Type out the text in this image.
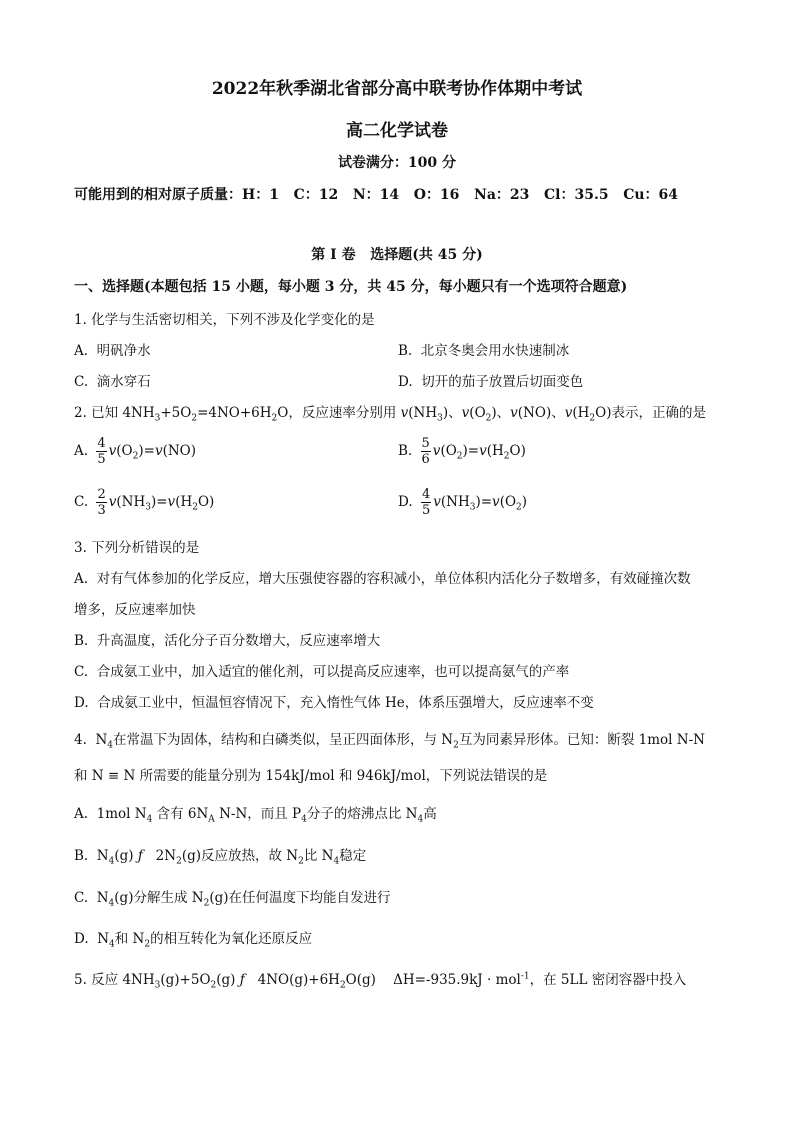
2022年秋季湖北省部分高中联考协作体期中考试
高二化学试卷
试卷满分：100 分
可能用到的相对原子质量：H：1   C：12   N：14   O：16   Na：23   Cl：35.5   Cu：64
第 I 卷   选择题(共 45 分)
一、选择题(本题包括 15 小题，每小题 3 分，共 45 分，每小题只有一个选项符合题意)
1. 化学与生活密切相关，下列不涉及化学变化的是
A.  明矾净水	B.  北京冬奥会用水快速制冰
C.  滴水穿石	D.  切开的茄子放置后切面变色
2. 已知 $4NH_3+5O_2=4NO+6H_2O$，反应速率分别用 $v(NH_3)$、$v(O_2)$、v(NO)、$v(H_2O)$表示，正确的是
A. $\frac{4}{5} v(O_2)=v(NO)$	B. $\frac{5}{6} v(O_2)=v(H_2O)$
C. $\frac{2}{3} v(NH_3)=v(H_2O)$	D. $\frac{4}{5} v(NH_3)=v(O_2)$
3. 下列分析错误的是
A.  对有气体参加的化学反应，增大压强使容器的容积减小，单位体积内活化分子数增多，有效碰撞次数
增多，反应速率加快
B.  升高温度，活化分子百分数增大，反应速率增大
C.  合成氨工业中，加入适宜的催化剂，可以提高反应速率，也可以提高氨气的产率
D.  合成氨工业中，恒温恒容情况下，充入惰性气体 He，体系压强增大，反应速率不变
4.  $N_4$在常温下为固体，结构和白磷类似，呈正四面体形，与 $N_2$互为同素异形体。已知：断裂 1mol N-N
和 N ≡ N 所需要的能量分别为 154kJ/mol 和 946kJ/mol，下列说法错误的是
A.  1mol $N_4$ 含有 $6N_A$ N-N，而且 $P_4$分子的熔沸点比 $N_4$高
B.  $N_4(g)$ ƒ   $2N_2(g)$反应放热，故 $N_2$比 $N_4$稳定
C.  $N_4(g)$分解生成 $N_2(g)$在任何温度下均能自发进行
D.  $N_4$和 $N_2$的相互转化为氧化还原反应
5. 反应 $4NH_3(g)+5O_2(g)$ ƒ   $4NO(g)+6H_2O(g)$    ΔH=-935.9kJ · mol$^{-1}$，在 5LL 密闭容器中投入
